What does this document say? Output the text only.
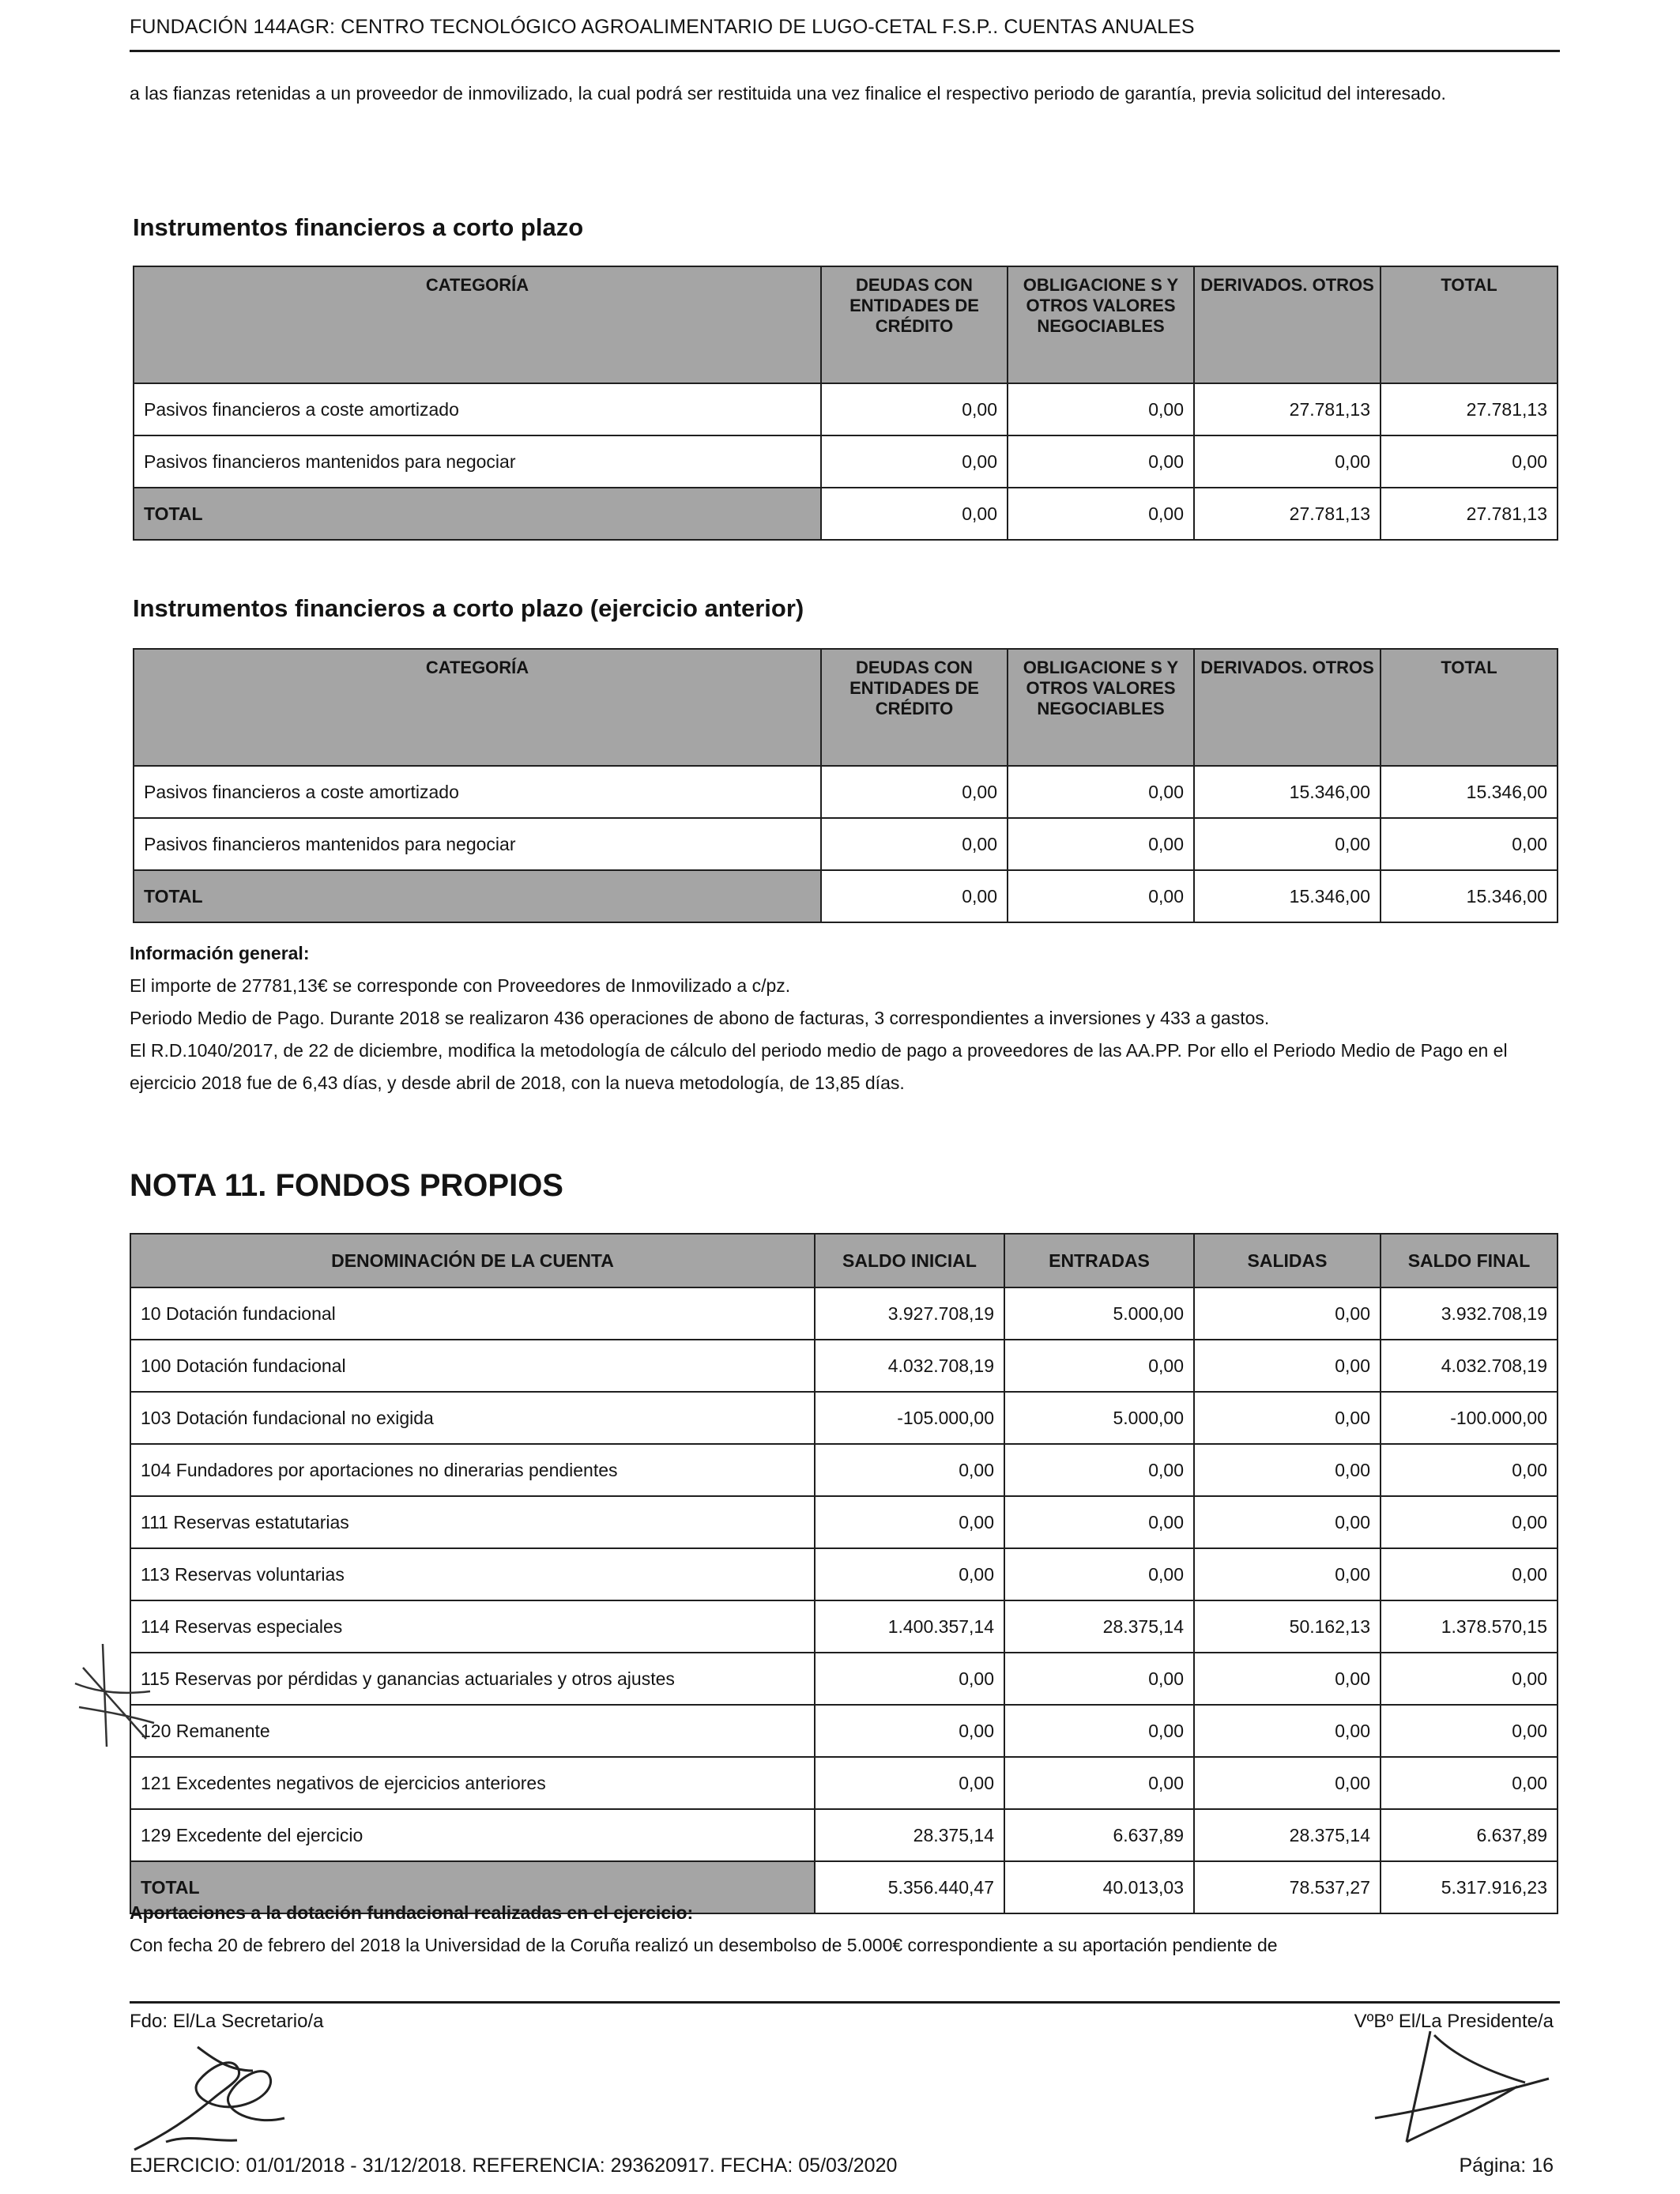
FUNDACIÓN 144AGR: CENTRO TECNOLÓGICO AGROALIMENTARIO DE LUGO-CETAL F.S.P.. CUENTAS ANUALES
a las fianzas retenidas a un proveedor de inmovilizado, la cual podrá ser restituida una vez finalice el respectivo periodo de garantía, previa solicitud del interesado.
Instrumentos financieros a corto plazo
CATEGORÍA	DEUDAS CON ENTIDADES DE CRÉDITO	OBLIGACIONE S Y OTROS VALORES NEGOCIABLES	DERIVADOS. OTROS	TOTAL
Pasivos financieros a coste amortizado	0,00	0,00	27.781,13	27.781,13
Pasivos financieros mantenidos para negociar	0,00	0,00	0,00	0,00
TOTAL	0,00	0,00	27.781,13	27.781,13
Instrumentos financieros a corto plazo (ejercicio anterior)
CATEGORÍA	DEUDAS CON ENTIDADES DE CRÉDITO	OBLIGACIONE S Y OTROS VALORES NEGOCIABLES	DERIVADOS. OTROS	TOTAL
Pasivos financieros a coste amortizado	0,00	0,00	15.346,00	15.346,00
Pasivos financieros mantenidos para negociar	0,00	0,00	0,00	0,00
TOTAL	0,00	0,00	15.346,00	15.346,00
Información general:
El importe de 27781,13€ se corresponde con Proveedores de Inmovilizado a c/pz.
Periodo Medio de Pago. Durante 2018 se realizaron 436 operaciones de abono de facturas, 3 correspondientes a inversiones y 433 a gastos.
El R.D.1040/2017, de 22 de diciembre, modifica la metodología de cálculo del periodo medio de pago a proveedores de las AA.PP. Por ello el Periodo Medio de Pago en el ejercicio 2018 fue de 6,43 días, y desde abril de 2018, con la nueva metodología, de 13,85 días.
NOTA 11. FONDOS PROPIOS
DENOMINACIÓN DE LA CUENTA	SALDO INICIAL	ENTRADAS	SALIDAS	SALDO FINAL
10 Dotación fundacional	3.927.708,19	5.000,00	0,00	3.932.708,19
100 Dotación fundacional	4.032.708,19	0,00	0,00	4.032.708,19
103 Dotación fundacional no exigida	-105.000,00	5.000,00	0,00	-100.000,00
104 Fundadores por aportaciones no dinerarias pendientes	0,00	0,00	0,00	0,00
111 Reservas estatutarias	0,00	0,00	0,00	0,00
113 Reservas voluntarias	0,00	0,00	0,00	0,00
114 Reservas especiales	1.400.357,14	28.375,14	50.162,13	1.378.570,15
115 Reservas por pérdidas y ganancias actuariales y otros ajustes	0,00	0,00	0,00	0,00
120 Remanente	0,00	0,00	0,00	0,00
121 Excedentes negativos de ejercicios anteriores	0,00	0,00	0,00	0,00
129 Excedente del ejercicio	28.375,14	6.637,89	28.375,14	6.637,89
TOTAL	5.356.440,47	40.013,03	78.537,27	5.317.916,23
Aportaciones a la dotación fundacional realizadas en el ejercicio:
Con fecha 20 de febrero del 2018 la Universidad de la Coruña realizó un desembolso de 5.000€ correspondiente a su aportación pendiente de
Fdo: El/La Secretario/a	VºBº El/La Presidente/a
EJERCICIO: 01/01/2018 - 31/12/2018. REFERENCIA: 293620917. FECHA: 05/03/2020	Página: 16
